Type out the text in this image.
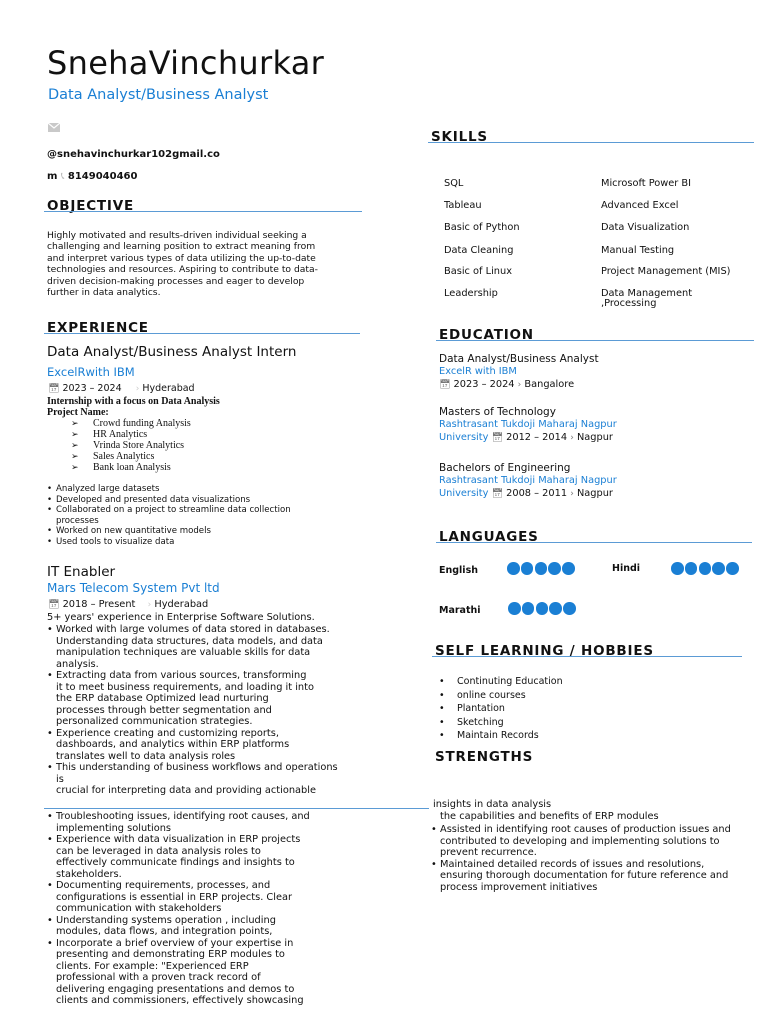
SnehaVinchurkar
Data Analyst/Business Analyst
@snehavinchurkar102gmail.co
m 📞︎ 8149040460
OBJECTIVE
Highly motivated and results-driven individual seeking a
challenging and learning position to extract meaning from
and interpret various types of data utilizing the up-to-date
technologies and resources. Aspiring to contribute to data-
driven decision-making processes and eager to develop
further in data analytics.
EXPERIENCE
Data Analyst/Business Analyst Intern
ExcelRwith IBM
📅︎ 2023 – 2024 › Hyderabad
Internship with a focus on Data Analysis
Project Name:
➢ Crowd funding Analysis
➢ HR Analytics
➢ Vrinda Store Analytics
➢ Sales Analytics
➢ Bank loan Analysis
• Analyzed large datasets
• Developed and presented data visualizations
• Collaborated on a project to streamline data collection
processes
• Worked on new quantitative models
• Used tools to visualize data
IT Enabler
Mars Telecom System Pvt ltd
📅︎ 2018 – Present › Hyderabad
5+ years' experience in Enterprise Software Solutions.
• Worked with large volumes of data stored in databases.
Understanding data structures, data models, and data
manipulation techniques are valuable skills for data
analysis.
• Extracting data from various sources, transforming
it to meet business requirements, and loading it into
the ERP database Optimized lead nurturing
processes through better segmentation and
personalized communication strategies.
• Experience creating and customizing reports,
dashboards, and analytics within ERP platforms
translates well to data analysis roles
• This understanding of business workflows and operations
is
crucial for interpreting data and providing actionable
• Troubleshooting issues, identifying root causes, and
implementing solutions
• Experience with data visualization in ERP projects
can be leveraged in data analysis roles to
effectively communicate findings and insights to
stakeholders.
• Documenting requirements, processes, and
configurations is essential in ERP projects. Clear
communication with stakeholders
• Understanding systems operation , including
modules, data flows, and integration points,
• Incorporate a brief overview of your expertise in
presenting and demonstrating ERP modules to
clients. For example: "Experienced ERP
professional with a proven track record of
delivering engaging presentations and demos to
clients and commissioners, effectively showcasing
SKILLS
SQL
Tableau
Basic of Python
Data Cleaning
Basic of Linux
Leadership
Microsoft Power BI
Advanced Excel
Data Visualization
Manual Testing
Project Management (MIS)
Data Management
,Processing
EDUCATION
Data Analyst/Business Analyst
ExcelR with IBM
📅︎ 2023 – 2024 › Bangalore
Masters of Technology
Rashtrasant Tukdoji Maharaj Nagpur
University 📅︎ 2012 – 2014 › Nagpur
Bachelors of Engineering
Rashtrasant Tukdoji Maharaj Nagpur
University 📅︎ 2008 – 2011 › Nagpur
LANGUAGES
English	Hindi
Marathi
SELF LEARNING / HOBBIES
• Continuting Education
• online courses
• Plantation
• Sketching
• Maintain Records
STRENGTHS
insights in data analysis
the capabilities and benefits of ERP modules
• Assisted in identifying root causes of production issues and
contributed to developing and implementing solutions to
prevent recurrence.
• Maintained detailed records of issues and resolutions,
ensuring thorough documentation for future reference and
process improvement initiatives
